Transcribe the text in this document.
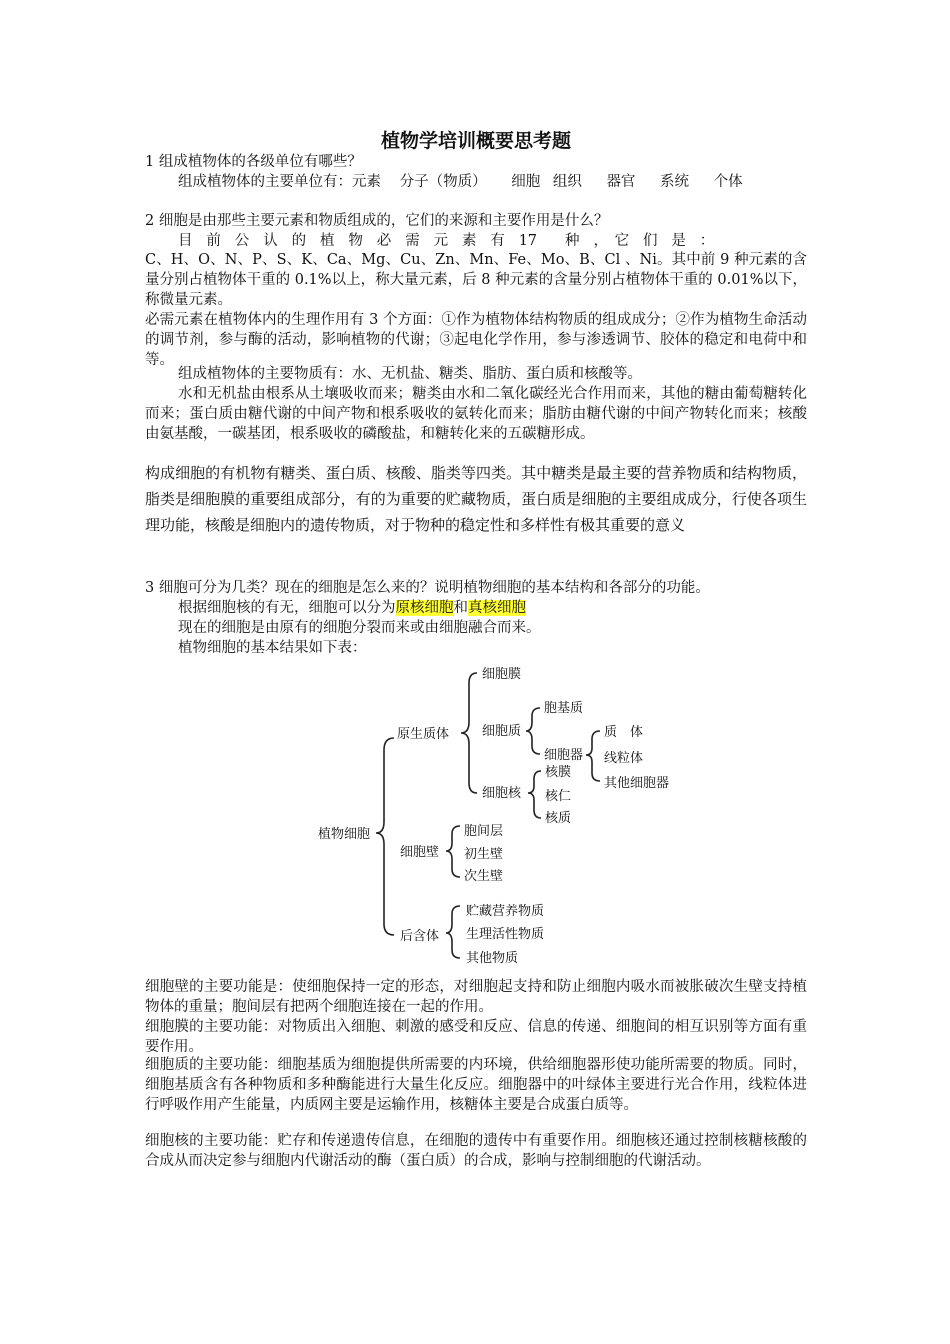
植物学培训概要思考题

1 组成植物体的各级单位有哪些？

组成植物体的主要单位有：元素 分子（物质） 细胞 组织 器官 系统 个体

2 细胞是由那些主要元素和物质组成的，它们的来源和主要作用是什么？

目　前　公　认　的　植　物　必　需　元　素　有　17　　种　，　它　们　是　：

C、H、O、N、P、S、K、Ca、Mg、Cu、Zn、Mn、Fe、Mo、B、Cl 、Ni。其中前 9 种元素的含量分别占植物体干重的 0.1%以上，称大量元素，后 8 种元素的含量分别占植物体干重的 0.01%以下，称微量元素。

必需元素在植物体内的生理作用有 3 个方面：①作为植物体结构物质的组成成分；②作为植物生命活动的调节剂，参与酶的活动，影响植物的代谢；③起电化学作用，参与渗透调节、胶体的稳定和电荷中和等。

组成植物体的主要物质有：水、无机盐、糖类、脂肪、蛋白质和核酸等。

水和无机盐由根系从土壤吸收而来；糖类由水和二氧化碳经光合作用而来，其他的糖由葡萄糖转化而来；蛋白质由糖代谢的中间产物和根系吸收的氨转化而来；脂肪由糖代谢的中间产物转化而来；核酸由氨基酸，一碳基团，根系吸收的磷酸盐，和糖转化来的五碳糖形成。

构成细胞的有机物有糖类、蛋白质、核酸、脂类等四类。其中糖类是最主要的营养物质和结构物质，脂类是细胞膜的重要组成部分，有的为重要的贮藏物质，蛋白质是细胞的主要组成成分，行使各项生理功能，核酸是细胞内的遗传物质，对于物种的稳定性和多样性有极其重要的意义

3 细胞可分为几类？现在的细胞是怎么来的？说明植物细胞的基本结构和各部分的功能。

根据细胞核的有无，细胞可以分为原核细胞和真核细胞

现在的细胞是由原有的细胞分裂而来或由细胞融合而来。

植物细胞的基本结果如下表：

细胞壁的主要功能是：使细胞保持一定的形态，对细胞起支持和防止细胞内吸水而被胀破次生壁支持植物体的重量；胞间层有把两个细胞连接在一起的作用。

细胞膜的主要功能：对物质出入细胞、刺激的感受和反应、信息的传递、细胞间的相互识别等方面有重要作用。

细胞质的主要功能：细胞基质为细胞提供所需要的内环境，供给细胞器形使功能所需要的物质。同时，细胞基质含有各种物质和多种酶能进行大量生化反应。细胞器中的叶绿体主要进行光合作用，线粒体进行呼吸作用产生能量，内质网主要是运输作用，核糖体主要是合成蛋白质等。

细胞核的主要功能：贮存和传递遗传信息，在细胞的遗传中有重要作用。细胞核还通过控制核糖核酸的合成从而决定参与细胞内代谢活动的酶（蛋白质）的合成，影响与控制细胞的代谢活动。

植物细胞
原生质体
细胞膜
细胞质
胞基质
细胞器
质　体
线粒体
其他细胞器
细胞核
核膜
核仁
核质
细胞壁
胞间层
初生壁
次生壁
后含体
贮藏营养物质
生理活性物质
其他物质
